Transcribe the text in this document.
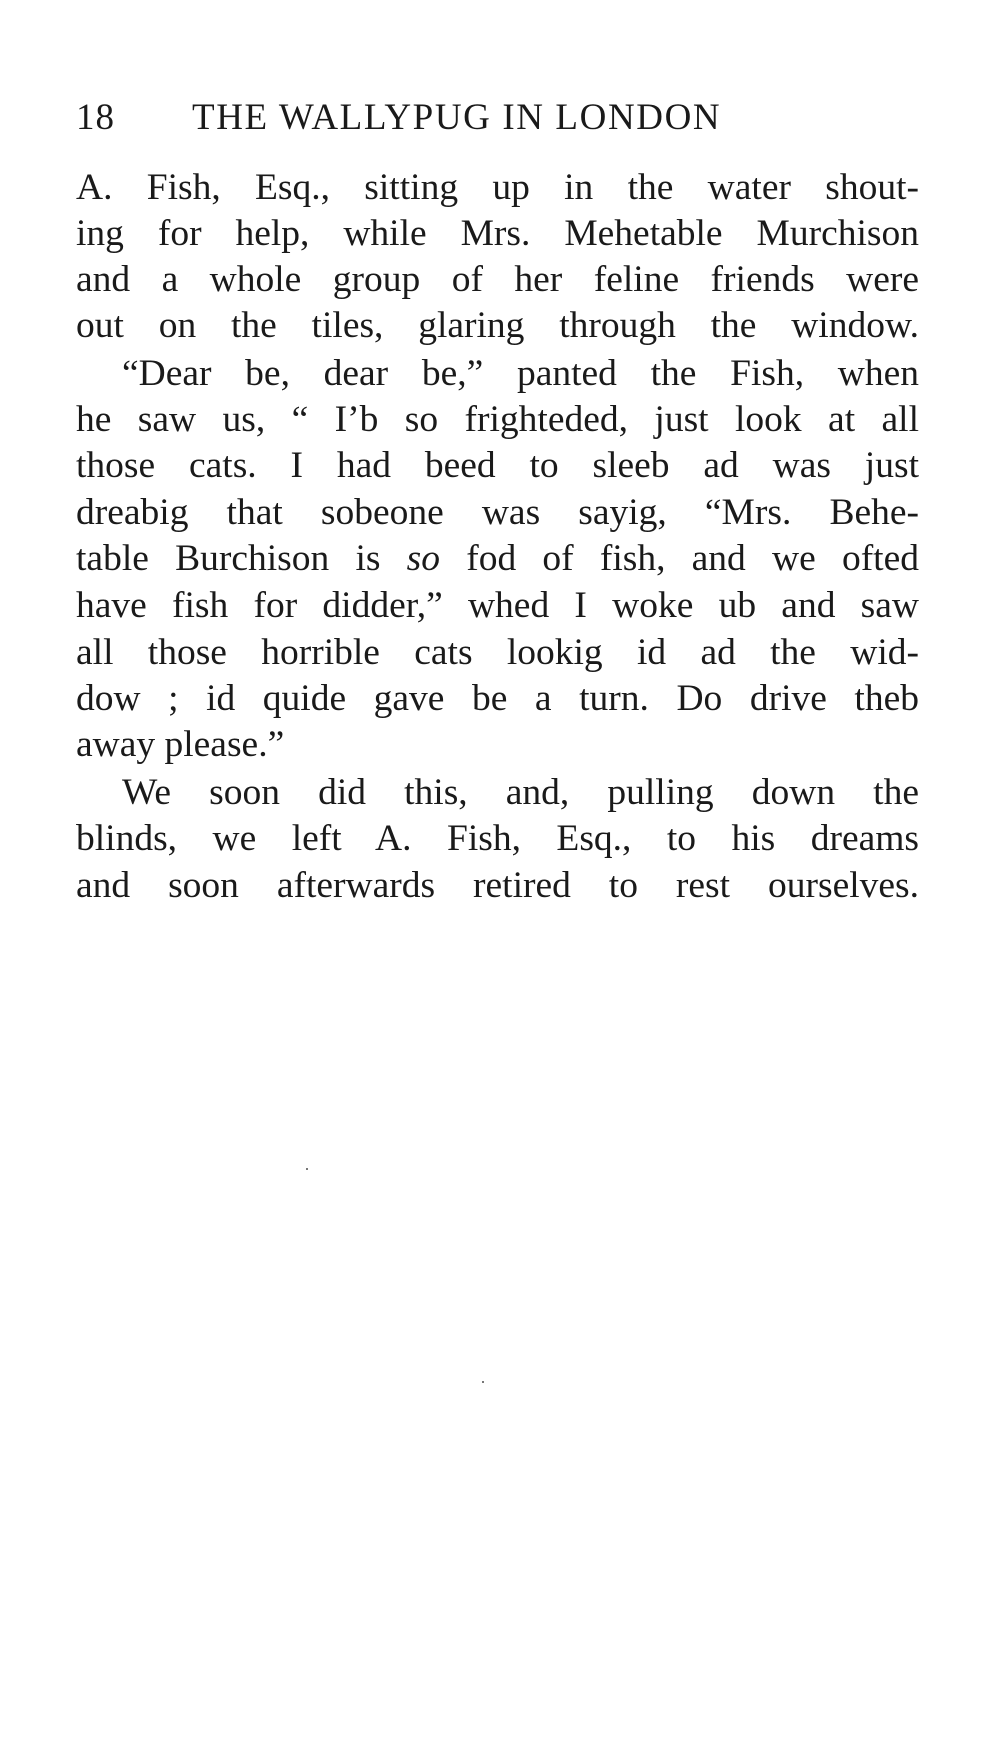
18 THE WALLYPUG IN LONDON
A. Fish, Esq., sitting up in the water shout-
ing for help, while Mrs. Mehetable Murchison
and a whole group of her feline friends were
out on the tiles, glaring through the window.
“Dear be, dear be,” panted the Fish, when
he saw us, “ I’b so frighteded, just look at all
those cats. I had beed to sleeb ad was just
dreabig that sobeone was sayig, “Mrs. Behe-
table Burchison is so fod of fish, and we ofted
have fish for didder,” whed I woke ub and saw
all those horrible cats lookig id ad the wid-
dow ; id quide gave be a turn. Do drive theb
away please.”
We soon did this, and, pulling down the
blinds, we left A. Fish, Esq., to his dreams
and soon afterwards retired to rest ourselves.
